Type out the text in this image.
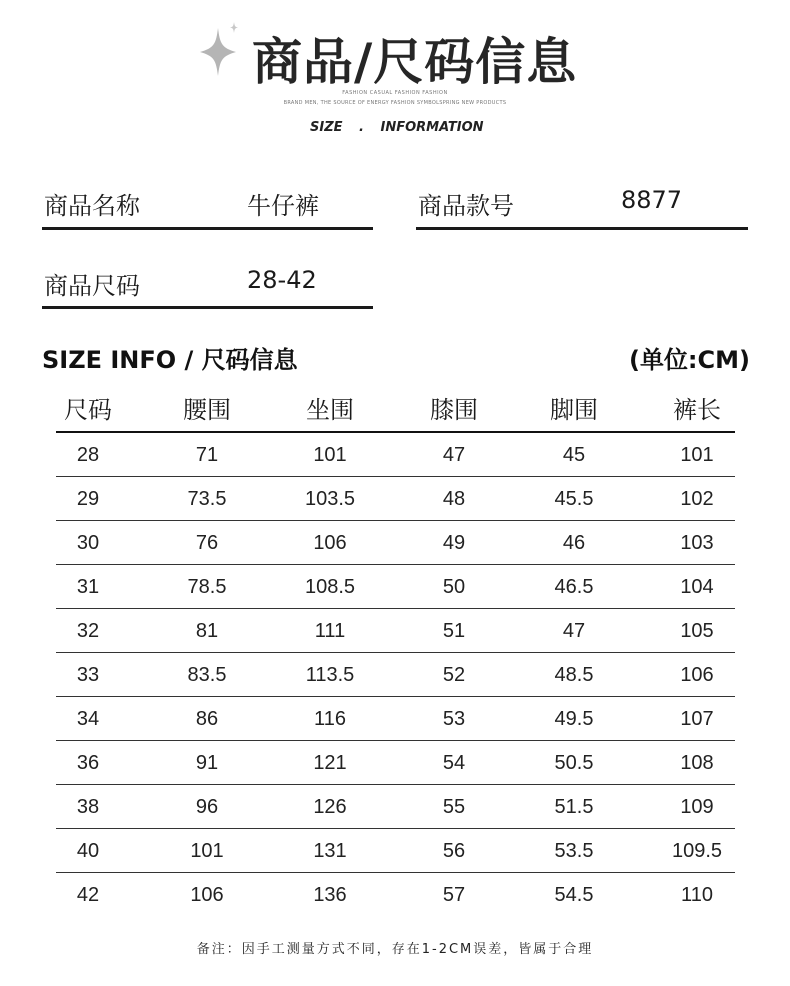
商品/尺码信息
FASHION CASUAL FASHION FASHION
BRAND MEN, THE SOURCE OF ENERGY FASHION SYMBOLSPRING NEW PRODUCTS
SIZE . INFORMATION
商品名称	牛仔裤	商品款号	8877
商品尺码	28-42
SIZE INFO / 尺码信息	(单位:CM)
尺码	腰围	坐围	膝围	脚围	裤长
28	71	101	47	45	101
29	73.5	103.5	48	45.5	102
30	76	106	49	46	103
31	78.5	108.5	50	46.5	104
32	81	111	51	47	105
33	83.5	113.5	52	48.5	106
34	86	116	53	49.5	107
36	91	121	54	50.5	108
38	96	126	55	51.5	109
40	101	131	56	53.5	109.5
42	106	136	57	54.5	110
备注：因手工测量方式不同，存在1-2CM误差，皆属于合理
